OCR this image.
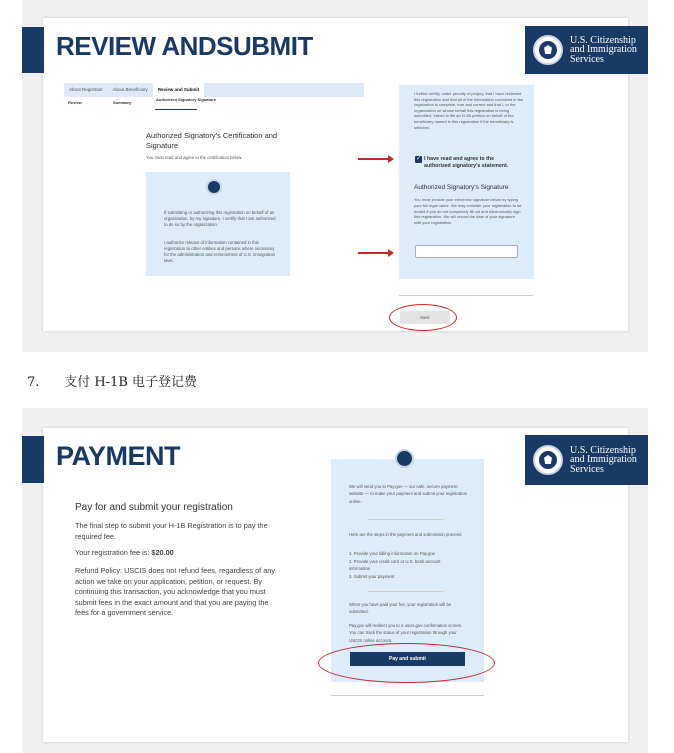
REVIEW ANDSUBMIT	U.S. Citizenship
and Immigration
Services
About Registrant	About Beneficiary	Review and Submit
Review	Summary
Authorized Signatory Signature
Authorized Signatory's Certification and
Signature
You must read and agree to the certification below.
If submitting or authorizing this registration on behalf of an organization, by my signature, I certify that I am authorized to do so by the organization.
I authorize release of information contained in this registration to other entities and persons where necessary for the administration and enforcement of U.S. immigration laws.
I further certify, under penalty of perjury, that I have reviewed this registration and that all of the information contained in the registration is complete, true and correct and that I, or the organization on whose behalf this registration is being submitted, intend to file an H-1B petition on behalf of the beneficiary named in this registration if the beneficiary is selected.
✓ I have read and agree to the
authorized signatory's statement.
Authorized Signatory's Signature
You must provide your electronic signature below by typing your full legal name. We may consider your registration to be invalid if you do not completely fill out and electronically sign this registration. We will record the date of your signature with your registration.
Next
7.      支付 H-1B 电子登记费
PAYMENT	U.S. Citizenship
and Immigration
Services
Pay for and submit your registration
The final step to submit your H-1B Registration is to pay the required fee.
Your registration fee is: $20.00
Refund Policy: USCIS does not refund fees, regardless of any action we take on your application, petition, or request. By continuing this transaction, you acknowledge that you must submit fees in the exact amount and that you are paying the fees for a government service.
We will send you to Pay.gov — our safe, secure payment website — to make your payment and submit your registration online.
Here are the steps in the payment and submission process:
1. Provide your billing information on Pay.gov
2. Provide your credit card or U.S. bank account information
3. Submit your payment
When you have paid your fee, your registration will be submitted.
Pay.gov will redirect you to a uscis.gov confirmation screen. You can track the status of your registration through your USCIS online account.
Pay and submit
